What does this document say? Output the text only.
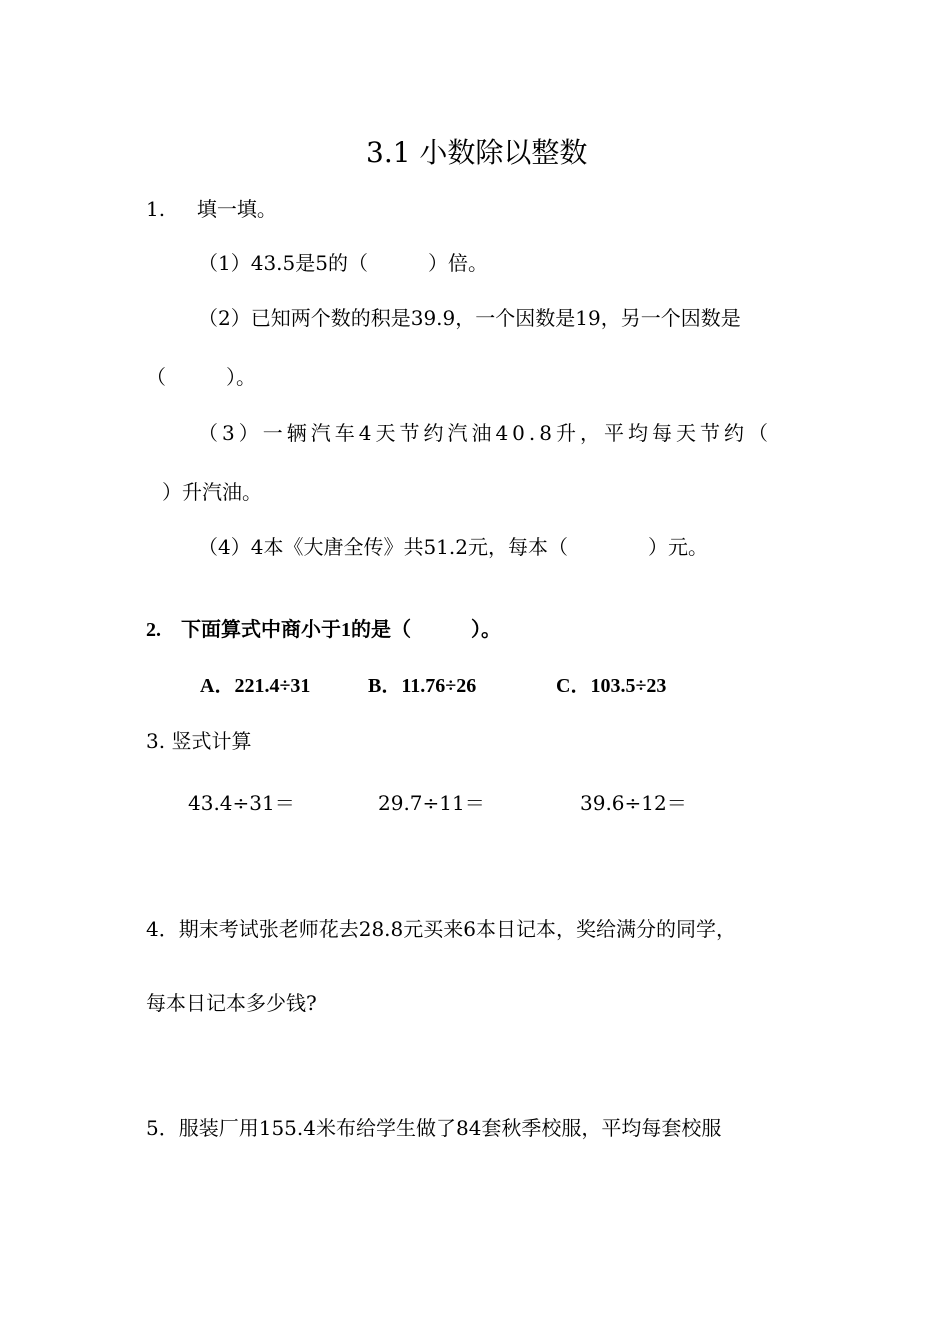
3.1 小数除以整数
1.     填一填。
（1）43.5是5的（　　　）倍。
（2）已知两个数的积是39.9，一个因数是19，另一个因数是
（　　　）。
（3）一辆汽车4天节约汽油40.8升，平均每天节约（
）升汽油。
（4）4本《大唐全传》共51.2元，每本（　　　　）元。
2.    下面算式中商小于1的是（　　　）。
A．221.4÷31	B．11.76÷26	C．103.5÷23
3. 竖式计算
43.4÷31＝	29.7÷11＝	39.6÷12＝
4．期末考试张老师花去28.8元买来6本日记本，奖给满分的同学，
每本日记本多少钱?
5．服装厂用155.4米布给学生做了84套秋季校服，平均每套校服
